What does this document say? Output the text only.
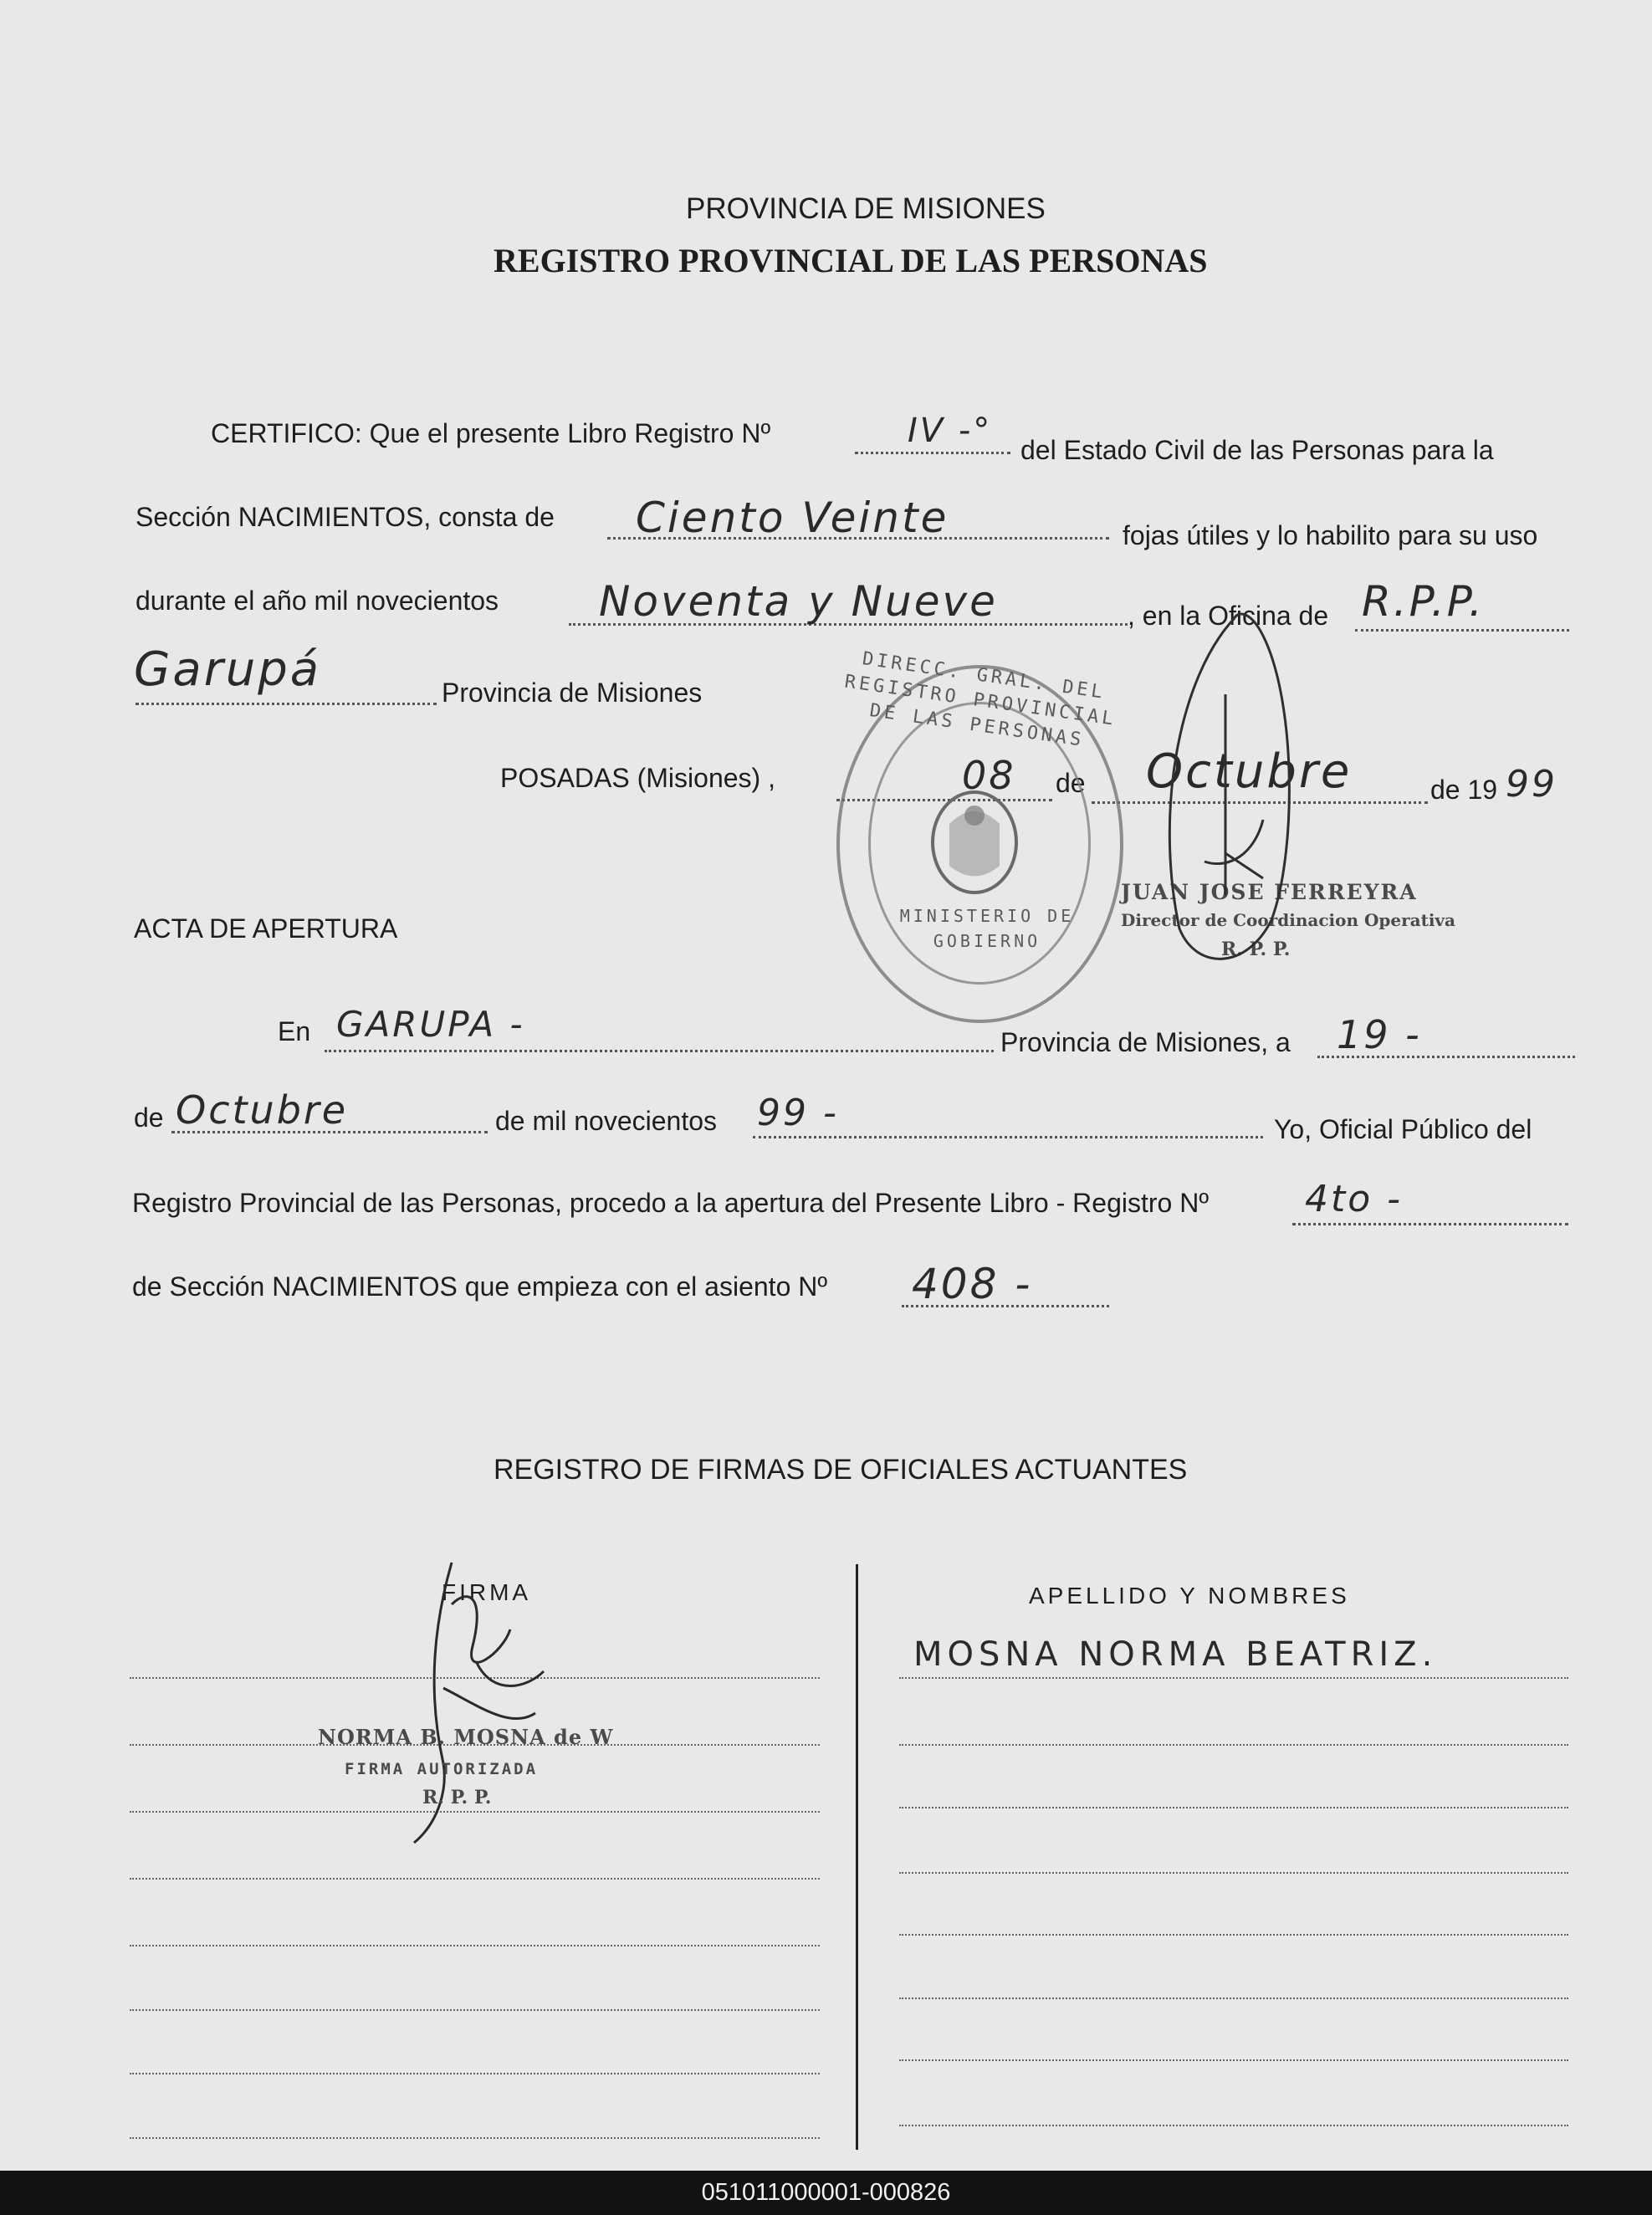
PROVINCIA DE MISIONES
REGISTRO PROVINCIAL DE LAS PERSONAS
CERTIFICO: Que el presente Libro Registro Nº	IV -° del Estado Civil de las Personas para la
Sección NACIMIENTOS, consta de Ciento Veinte	fojas útiles y lo habilito para su uso
durante el año mil novecientos Noventa y Nueve	, en la Oficina de R.P.P.
Garupá	Provincia de Misiones
POSADAS (Misiones) ,	08 de Octubre	de 19 99
DIRECC. GRAL. DEL REGISTRO PROVINCIAL DE LAS PERSONAS
MINISTERIO DE GOBIERNO
JUAN JOSE FERREYRA
Director de Coordinacion Operativa
R. P. P.
ACTA DE APERTURA
En GARUPA -	Provincia de Misiones, a 19 -
de Octubre	de mil novecientos 99 -	Yo, Oficial Público del
Registro Provincial de las Personas, procedo a la apertura del Presente Libro - Registro Nº	4to -
de Sección NACIMIENTOS que empieza con el asiento Nº 408 -
REGISTRO DE FIRMAS DE OFICIALES ACTUANTES
FIRMA	APELLIDO Y NOMBRES
MOSNA NORMA BEATRIZ.
NORMA B. MOSNA de W
FIRMA AUTORIZADA
R. P. P.
051011000001-000826
